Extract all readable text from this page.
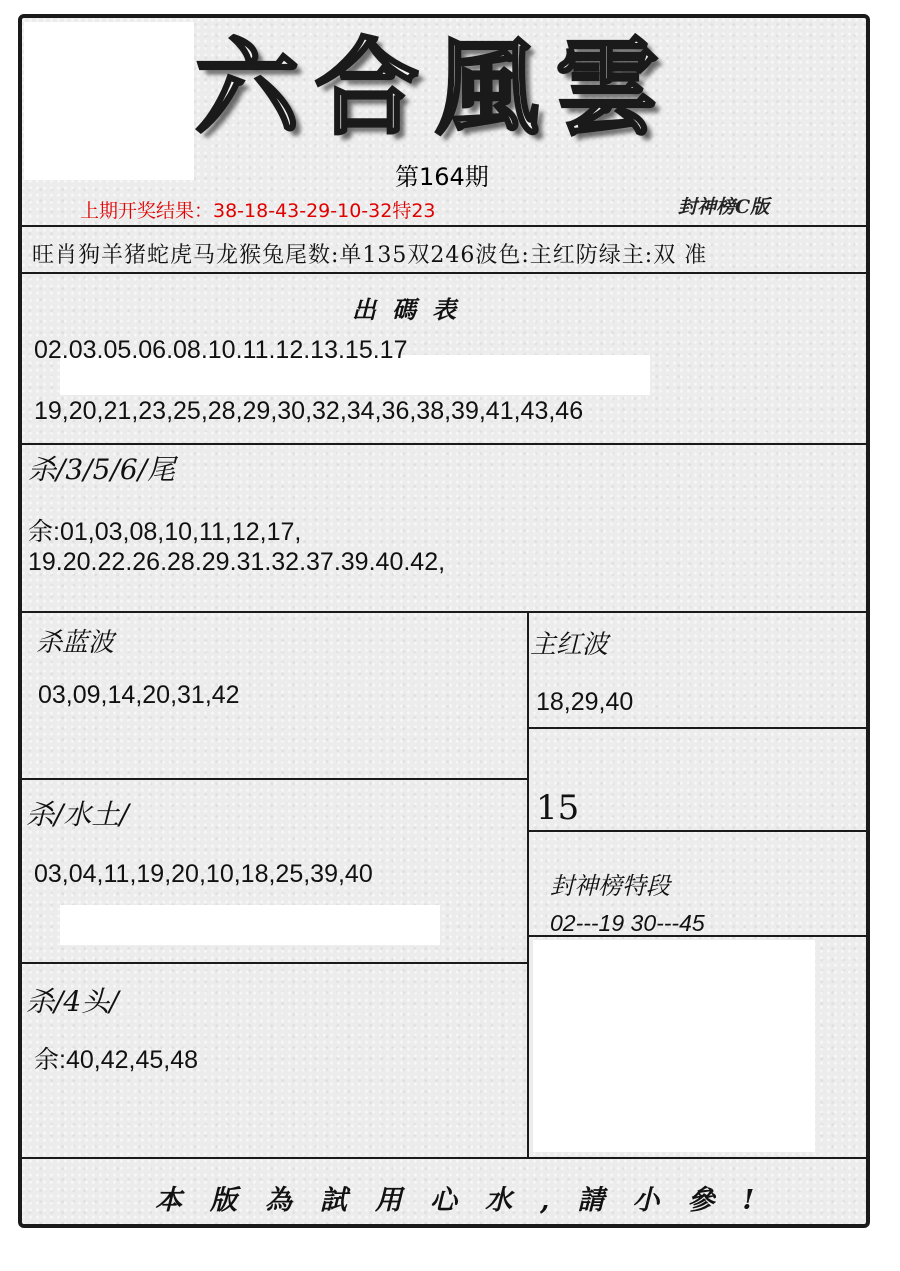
六合風雲
第164期
上期开奖结果：38-18-43-29-10-32特23	封神榜C版
旺肖狗羊猪蛇虎马龙猴兔尾数:单135双246波色:主红防绿主:双 准
出碼表
02.03.05.06.08.10.11.12.13.15.17
19,20,21,23,25,28,29,30,32,34,36,38,39,41,43,46
杀/3/5/6/尾
余:01,03,08,10,11,12,17,
19.20.22.26.28.29.31.32.37.39.40.42,
杀蓝波
03,09,14,20,31,42
主红波
18,29,40
杀/水土/
03,04,11,19,20,10,18,25,39,40
15
封神榜特段
02---19 30---45
杀/4头/
余:40,42,45,48
本版為試用心水,請小參!
